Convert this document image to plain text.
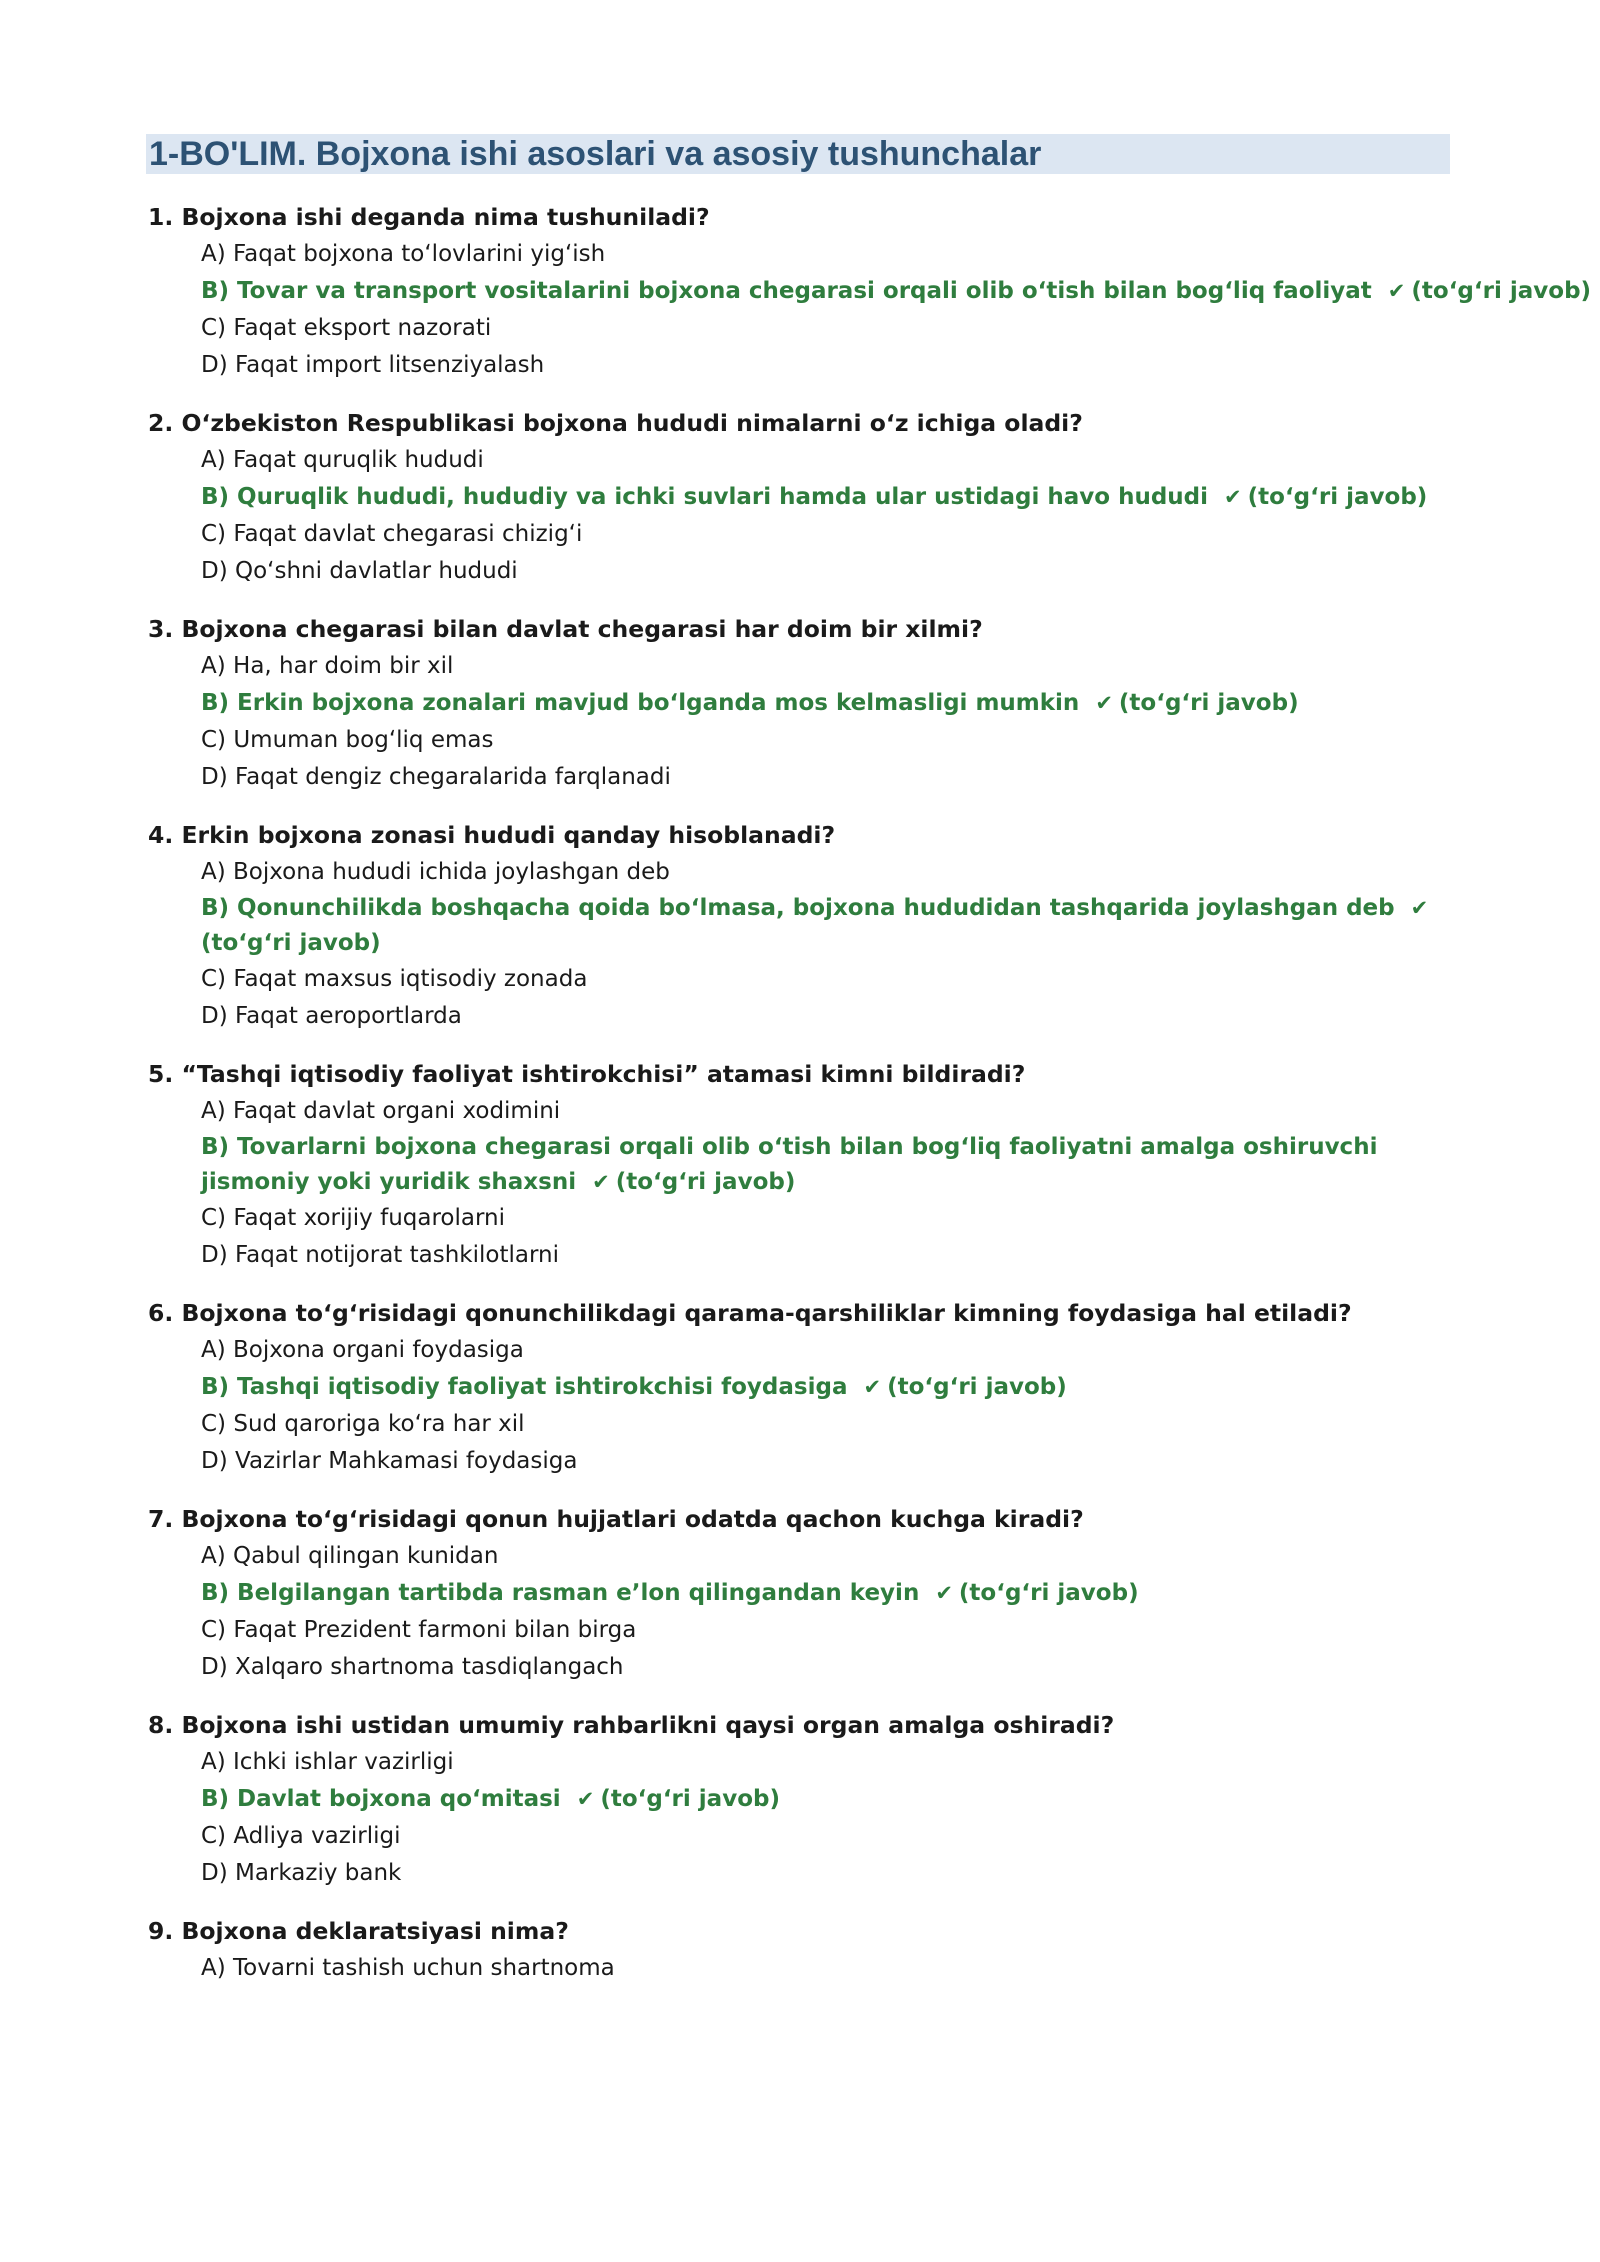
1-BO'LIM. Bojxona ishi asoslari va asosiy tushunchalar
1. Bojxona ishi deganda nima tushuniladi?
A) Faqat bojxona toʻlovlarini yigʻish
B) Tovar va transport vositalarini bojxona chegarasi orqali olib oʻtish bilan bogʻliq faoliyat ✔ (toʻgʻri javob)
C) Faqat eksport nazorati
D) Faqat import litsenziyalash
2. Oʻzbekiston Respublikasi bojxona hududi nimalarni oʻz ichiga oladi?
A) Faqat quruqlik hududi
B) Quruqlik hududi, hududiy va ichki suvlari hamda ular ustidagi havo hududi ✔ (toʻgʻri javob)
C) Faqat davlat chegarasi chizigʻi
D) Qoʻshni davlatlar hududi
3. Bojxona chegarasi bilan davlat chegarasi har doim bir xilmi?
A) Ha, har doim bir xil
B) Erkin bojxona zonalari mavjud boʻlganda mos kelmasligi mumkin ✔ (toʻgʻri javob)
C) Umuman bogʻliq emas
D) Faqat dengiz chegaralarida farqlanadi
4. Erkin bojxona zonasi hududi qanday hisoblanadi?
A) Bojxona hududi ichida joylashgan deb
B) Qonunchilikda boshqacha qoida boʻlmasa, bojxona hududidan tashqarida joylashgan deb ✔(toʻgʻri javob)
C) Faqat maxsus iqtisodiy zonada
D) Faqat aeroportlarda
5. “Tashqi iqtisodiy faoliyat ishtirokchisi” atamasi kimni bildiradi?
A) Faqat davlat organi xodimini
B) Tovarlarni bojxona chegarasi orqali olib oʻtish bilan bogʻliq faoliyatni amalga oshiruvchi jismoniy yoki yuridik shaxsni ✔ (toʻgʻri javob)
C) Faqat xorijiy fuqarolarni
D) Faqat notijorat tashkilotlarni
6. Bojxona toʻgʻrisidagi qonunchilikdagi qarama-qarshiliklar kimning foydasiga hal etiladi?
A) Bojxona organi foydasiga
B) Tashqi iqtisodiy faoliyat ishtirokchisi foydasiga ✔ (toʻgʻri javob)
C) Sud qaroriga koʻra har xil
D) Vazirlar Mahkamasi foydasiga
7. Bojxona toʻgʻrisidagi qonun hujjatlari odatda qachon kuchga kiradi?
A) Qabul qilingan kunidan
B) Belgilangan tartibda rasman eʼlon qilingandan keyin ✔ (toʻgʻri javob)
C) Faqat Prezident farmoni bilan birga
D) Xalqaro shartnoma tasdiqlangach
8. Bojxona ishi ustidan umumiy rahbarlikni qaysi organ amalga oshiradi?
A) Ichki ishlar vazirligi
B) Davlat bojxona qoʻmitasi ✔ (toʻgʻri javob)
C) Adliya vazirligi
D) Markaziy bank
9. Bojxona deklaratsiyasi nima?
A) Tovarni tashish uchun shartnoma
